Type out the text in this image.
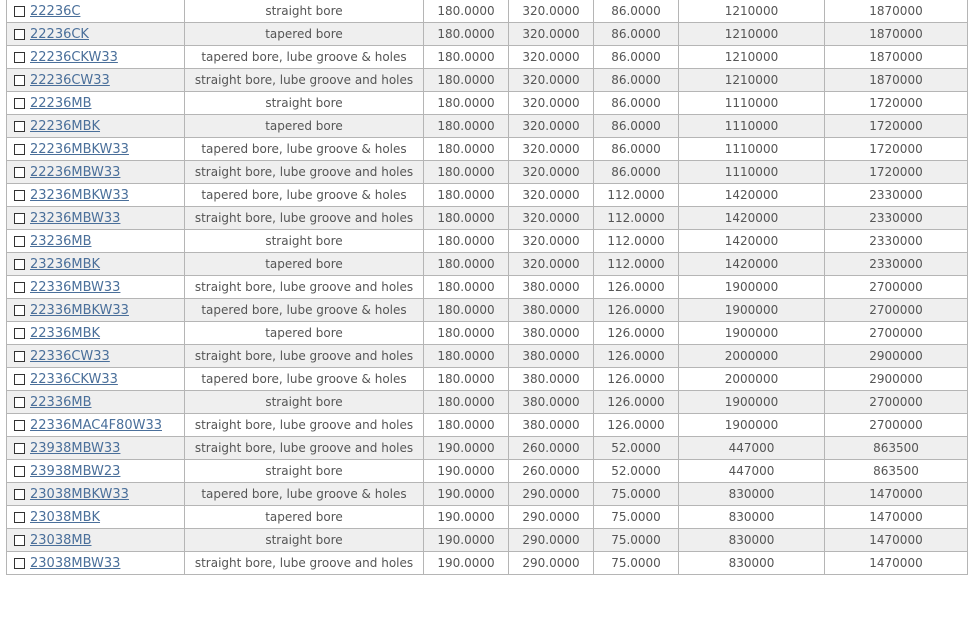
22236C	straight bore	180.0000	320.0000	86.0000	1210000	1870000
22236CK	tapered bore	180.0000	320.0000	86.0000	1210000	1870000
22236CKW33	tapered bore, lube groove & holes	180.0000	320.0000	86.0000	1210000	1870000
22236CW33	straight bore, lube groove and holes	180.0000	320.0000	86.0000	1210000	1870000
22236MB	straight bore	180.0000	320.0000	86.0000	1110000	1720000
22236MBK	tapered bore	180.0000	320.0000	86.0000	1110000	1720000
22236MBKW33	tapered bore, lube groove & holes	180.0000	320.0000	86.0000	1110000	1720000
22236MBW33	straight bore, lube groove and holes	180.0000	320.0000	86.0000	1110000	1720000
23236MBKW33	tapered bore, lube groove & holes	180.0000	320.0000	112.0000	1420000	2330000
23236MBW33	straight bore, lube groove and holes	180.0000	320.0000	112.0000	1420000	2330000
23236MB	straight bore	180.0000	320.0000	112.0000	1420000	2330000
23236MBK	tapered bore	180.0000	320.0000	112.0000	1420000	2330000
22336MBW33	straight bore, lube groove and holes	180.0000	380.0000	126.0000	1900000	2700000
22336MBKW33	tapered bore, lube groove & holes	180.0000	380.0000	126.0000	1900000	2700000
22336MBK	tapered bore	180.0000	380.0000	126.0000	1900000	2700000
22336CW33	straight bore, lube groove and holes	180.0000	380.0000	126.0000	2000000	2900000
22336CKW33	tapered bore, lube groove & holes	180.0000	380.0000	126.0000	2000000	2900000
22336MB	straight bore	180.0000	380.0000	126.0000	1900000	2700000
22336MAC4F80W33	straight bore, lube groove and holes	180.0000	380.0000	126.0000	1900000	2700000
23938MBW33	straight bore, lube groove and holes	190.0000	260.0000	52.0000	447000	863500
23938MBW23	straight bore	190.0000	260.0000	52.0000	447000	863500
23038MBKW33	tapered bore, lube groove & holes	190.0000	290.0000	75.0000	830000	1470000
23038MBK	tapered bore	190.0000	290.0000	75.0000	830000	1470000
23038MB	straight bore	190.0000	290.0000	75.0000	830000	1470000
23038MBW33	straight bore, lube groove and holes	190.0000	290.0000	75.0000	830000	1470000
